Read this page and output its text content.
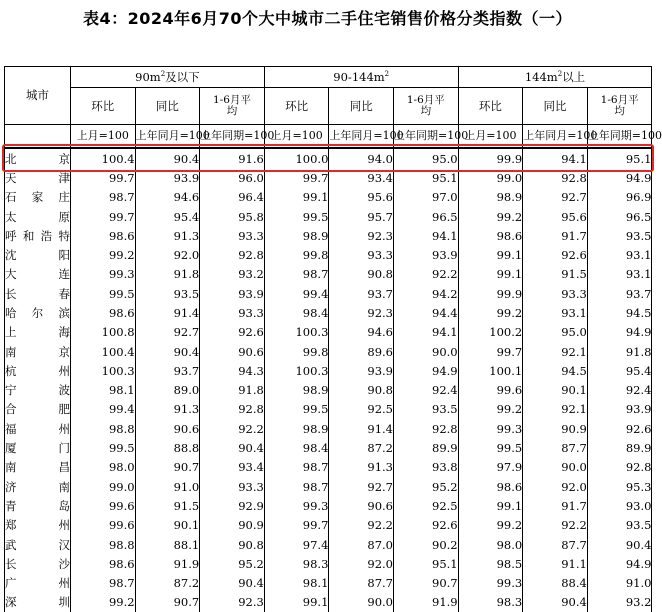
表4：2024年6月70个大中城市二手住宅销售价格分类指数（一）
城市	$90m^2$及以下			$90-144m^2$			$144m^2$以上		
	环比	同比	1-6月平均	环比	同比	1-6月平均	环比	同比	1-6月平均
	上月=100	上年同月=100	上年同期=100	上月=100	上年同月=100	上年同期=100	上月=100	上年同月=100	上年同期=100
北京	100.4	90.4	91.6	100.0	94.0	95.0	99.9	94.1	95.1
天津	99.7	93.9	96.0	99.7	93.4	95.1	99.0	92.8	94.9
石家庄	98.7	94.6	96.4	99.1	95.6	97.0	98.9	92.7	96.9
太原	99.7	95.4	95.8	99.5	95.7	96.5	99.2	95.6	96.5
呼和浩特	98.6	91.3	93.3	98.9	92.3	94.1	98.6	91.7	93.5
沈阳	99.2	92.0	92.8	99.8	93.3	93.9	99.1	92.6	93.1
大连	99.3	91.8	93.2	98.7	90.8	92.2	99.1	91.5	93.1
长春	99.5	93.5	93.9	99.4	93.7	94.2	99.9	93.3	93.7
哈尔滨	98.6	91.4	93.3	98.4	92.3	94.4	99.2	93.1	94.5
上海	100.8	92.7	92.6	100.3	94.6	94.1	100.2	95.0	94.9
南京	100.4	90.4	90.6	99.8	89.6	90.0	99.7	92.1	91.8
杭州	100.3	93.7	94.3	100.3	93.9	94.9	100.1	94.5	95.4
宁波	98.1	89.0	91.8	98.9	90.8	92.4	99.6	90.1	92.4
合肥	99.4	91.3	92.8	99.5	92.5	93.5	99.2	92.1	93.9
福州	98.8	90.6	92.2	98.9	91.4	92.8	99.3	90.9	92.6
厦门	99.5	88.8	90.4	98.4	87.2	89.9	99.5	87.7	89.9
南昌	98.0	90.7	93.4	98.7	91.3	93.8	97.9	90.0	92.8
济南	99.0	91.0	93.3	98.7	92.7	95.2	98.6	92.0	95.3
青岛	99.6	91.5	92.9	99.3	90.6	92.5	99.1	91.7	93.0
郑州	99.6	90.1	90.9	99.7	92.2	92.6	99.2	92.2	93.5
武汉	98.8	88.1	90.8	97.4	87.0	90.2	98.0	87.7	90.4
长沙	98.6	91.9	95.2	98.3	92.0	95.1	98.5	91.1	94.9
广州	98.7	87.2	90.4	98.1	87.7	90.7	99.3	88.4	91.0
深圳	99.2	90.7	92.3	99.1	90.0	91.9	98.3	90.4	93.2
